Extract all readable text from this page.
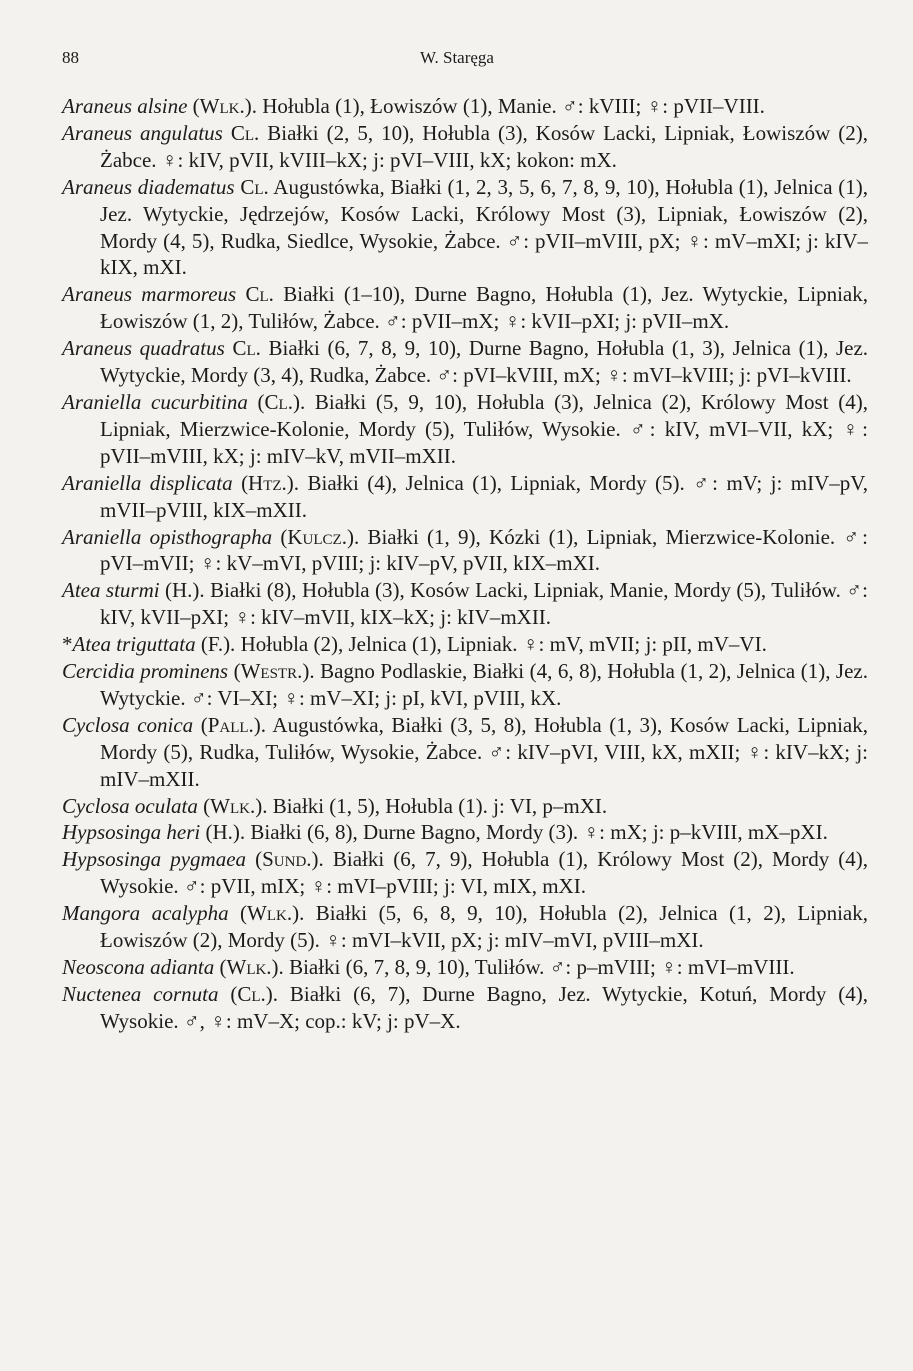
88	W. Staręga

Araneus alsine (Wlk.). Hołubla (1), Łowiszów (1), Manie. ♂: kVIII; ♀: pVII–VIII.

Araneus angulatus Cl. Białki (2, 5, 10), Hołubla (3), Kosów Lacki, Lipniak, Łowiszów (2), Żabce. ♀: kIV, pVII, kVIII–kX; j: pVI–VIII, kX; kokon: mX.

Araneus diadematus Cl. Augustówka, Białki (1, 2, 3, 5, 6, 7, 8, 9, 10), Hołubla (1), Jelnica (1), Jez. Wytyckie, Jędrzejów, Kosów Lacki, Królowy Most (3), Lipniak, Łowiszów (2), Mordy (4, 5), Rudka, Siedlce, Wysokie, Żabce. ♂: pVII–mVIII, pX; ♀: mV–mXI; j: kIV–kIX, mXI.

Araneus marmoreus Cl. Białki (1–10), Durne Bagno, Hołubla (1), Jez. Wytyckie, Lipniak, Łowiszów (1, 2), Tuliłów, Żabce. ♂: pVII–mX; ♀: kVII–pXI; j: pVII–mX.

Araneus quadratus Cl. Białki (6, 7, 8, 9, 10), Durne Bagno, Hołubla (1, 3), Jelnica (1), Jez. Wytyckie, Mordy (3, 4), Rudka, Żabce. ♂: pVI–kVIII, mX; ♀: mVI–kVIII; j: pVI–kVIII.

Araniella cucurbitina (Cl.). Białki (5, 9, 10), Hołubla (3), Jelnica (2), Królowy Most (4), Lipniak, Mierzwice-Kolonie, Mordy (5), Tuliłów, Wysokie. ♂: kIV, mVI–VII, kX; ♀: pVII–mVIII, kX; j: mIV–kV, mVII–mXII.

Araniella displicata (Htz.). Białki (4), Jelnica (1), Lipniak, Mordy (5). ♂: mV; j: mIV–pV, mVII–pVIII, kIX–mXII.

Araniella opisthographa (Kulcz.). Białki (1, 9), Kózki (1), Lipniak, Mierzwice-Kolonie. ♂: pVI–mVII; ♀: kV–mVI, pVIII; j: kIV–pV, pVII, kIX–mXI.

Atea sturmi (H.). Białki (8), Hołubla (3), Kosów Lacki, Lipniak, Manie, Mordy (5), Tuliłów. ♂: kIV, kVII–pXI; ♀: kIV–mVII, kIX–kX; j: kIV–mXII.

*Atea triguttata (F.). Hołubla (2), Jelnica (1), Lipniak. ♀: mV, mVII; j: pII, mV–VI.

Cercidia prominens (Westr.). Bagno Podlaskie, Białki (4, 6, 8), Hołubla (1, 2), Jelnica (1), Jez. Wytyckie. ♂: VI–XI; ♀: mV–XI; j: pI, kVI, pVIII, kX.

Cyclosa conica (Pall.). Augustówka, Białki (3, 5, 8), Hołubla (1, 3), Kosów Lacki, Lipniak, Mordy (5), Rudka, Tuliłów, Wysokie, Żabce. ♂: kIV–pVI, VIII, kX, mXII; ♀: kIV–kX; j: mIV–mXII.

Cyclosa oculata (Wlk.). Białki (1, 5), Hołubla (1). j: VI, p–mXI.

Hypsosinga heri (H.). Białki (6, 8), Durne Bagno, Mordy (3). ♀: mX; j: p–kVIII, mX–pXI.

Hypsosinga pygmaea (Sund.). Białki (6, 7, 9), Hołubla (1), Królowy Most (2), Mordy (4), Wysokie. ♂: pVII, mIX; ♀: mVI–pVIII; j: VI, mIX, mXI.

Mangora acalypha (Wlk.). Białki (5, 6, 8, 9, 10), Hołubla (2), Jelnica (1, 2), Lipniak, Łowiszów (2), Mordy (5). ♀: mVI–kVII, pX; j: mIV–mVI, pVIII–mXI.

Neoscona adianta (Wlk.). Białki (6, 7, 8, 9, 10), Tuliłów. ♂: p–mVIII; ♀: mVI–mVIII.

Nuctenea cornuta (Cl.). Białki (6, 7), Durne Bagno, Jez. Wytyckie, Kotuń, Mordy (4), Wysokie. ♂, ♀: mV–X; cop.: kV; j: pV–X.
